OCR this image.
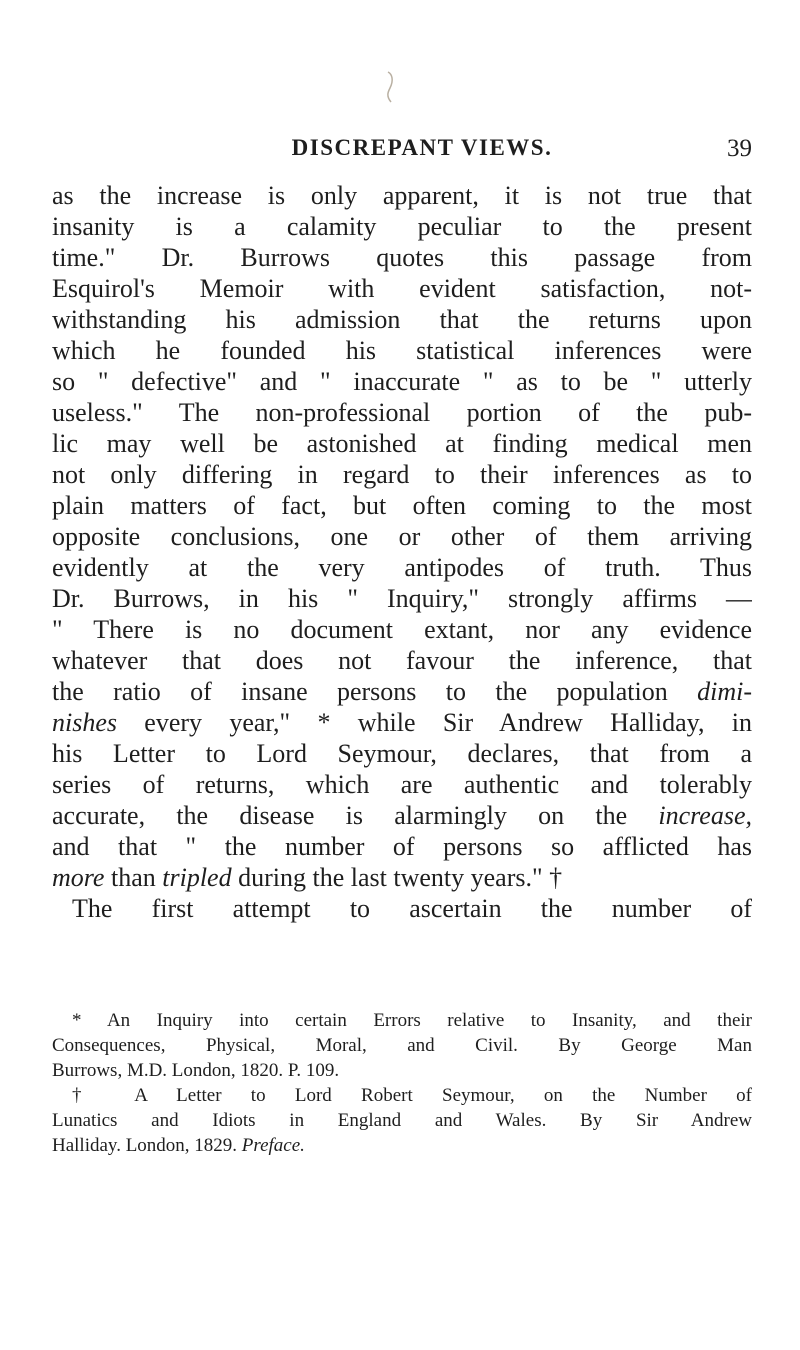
DISCREPANT VIEWS.	39
as the increase is only apparent, it is not true that
insanity is a calamity peculiar to the present
time." Dr. Burrows quotes this passage from
Esquirol's Memoir with evident satisfaction, not-
withstanding his admission that the returns upon
which he founded his statistical inferences were
so " defective" and " inaccurate " as to be " utterly
useless." The non-professional portion of the pub-
lic may well be astonished at finding medical men
not only differing in regard to their inferences as to
plain matters of fact, but often coming to the most
opposite conclusions, one or other of them arriving
evidently at the very antipodes of truth. Thus
Dr. Burrows, in his " Inquiry," strongly affirms —
" There is no document extant, nor any evidence
whatever that does not favour the inference, that
the ratio of insane persons to the population dimi-
nishes every year," * while Sir Andrew Halliday, in
his Letter to Lord Seymour, declares, that from a
series of returns, which are authentic and tolerably
accurate, the disease is alarmingly on the increase,
and that " the number of persons so afflicted has
more than tripled during the last twenty years." †
The first attempt to ascertain the number of
* An Inquiry into certain Errors relative to Insanity, and their
Consequences, Physical, Moral, and Civil. By George Man
Burrows, M.D. London, 1820. P. 109.
† A Letter to Lord Robert Seymour, on the Number of
Lunatics and Idiots in England and Wales. By Sir Andrew
Halliday. London, 1829. Preface.
